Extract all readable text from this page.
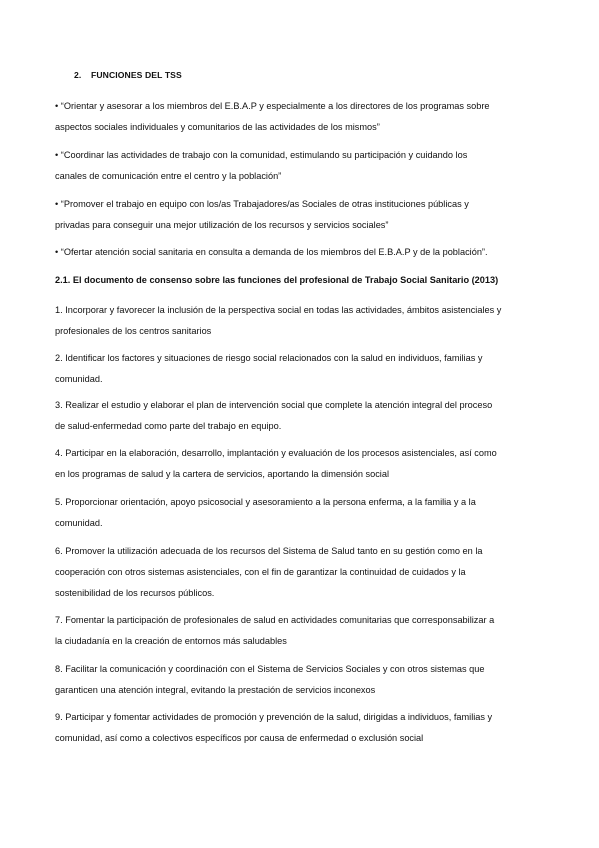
2. FUNCIONES DEL TSS

• “Orientar y asesorar a los miembros del E.B.A.P y especialmente a los directores de los programas sobre
aspectos sociales individuales y comunitarios de las actividades de los mismos”

• “Coordinar las actividades de trabajo con la comunidad, estimulando su participación y cuidando los
canales de comunicación entre el centro y la población”

• “Promover el trabajo en equipo con los/as Trabajadores/as Sociales de otras instituciones públicas y
privadas para conseguir una mejor utilización de los recursos y servicios sociales”

• “Ofertar atención social sanitaria en consulta a demanda de los miembros del E.B.A.P y de la población”.

2.1. El documento de consenso sobre las funciones del profesional de Trabajo Social Sanitario (2013)

1. Incorporar y favorecer la inclusión de la perspectiva social en todas las actividades, ámbitos asistenciales y
profesionales de los centros sanitarios

2. Identificar los factores y situaciones de riesgo social relacionados con la salud en individuos, familias y
comunidad.

3. Realizar el estudio y elaborar el plan de intervención social que complete la atención integral del proceso
de salud-enfermedad como parte del trabajo en equipo.

4. Participar en la elaboración, desarrollo, implantación y evaluación de los procesos asistenciales, así como
en los programas de salud y la cartera de servicios, aportando la dimensión social

5. Proporcionar orientación, apoyo psicosocial y asesoramiento a la persona enferma, a la familia y a la
comunidad.

6. Promover la utilización adecuada de los recursos del Sistema de Salud tanto en su gestión como en la
cooperación con otros sistemas asistenciales, con el fin de garantizar la continuidad de cuidados y la
sostenibilidad de los recursos públicos.

7. Fomentar la participación de profesionales de salud en actividades comunitarias que corresponsabilizar a
la ciudadanía en la creación de entornos más saludables

8. Facilitar la comunicación y coordinación con el Sistema de Servicios Sociales y con otros sistemas que
garanticen una atención integral, evitando la prestación de servicios inconexos

9. Participar y fomentar actividades de promoción y prevención de la salud, dirigidas a individuos, familias y
comunidad, así como a colectivos específicos por causa de enfermedad o exclusión social
